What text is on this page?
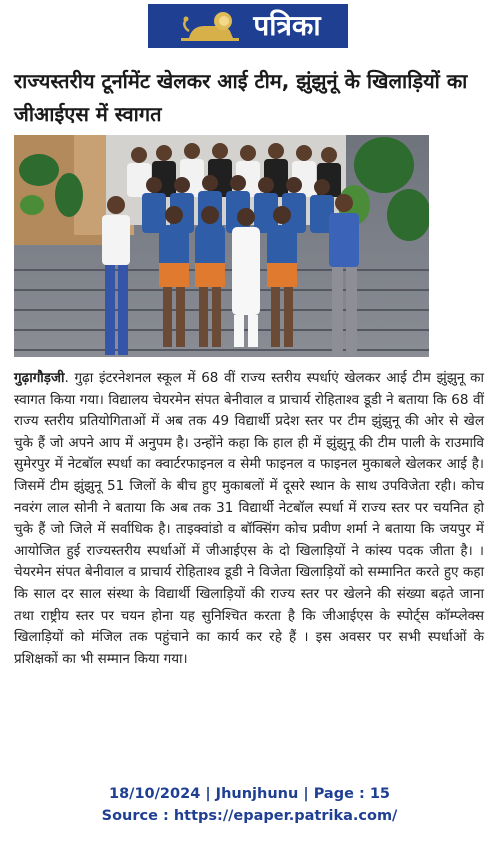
पत्रिका
राज्यस्तरीय टूर्नामेंट खेलकर आई टीम, झुंझुनूं के खिलाड़ियों का जीआईएस में स्वागत

गुढ़ागौड़जी. गुढ़ा इंटरनेशनल स्कूल में 68 वीं राज्य स्तरीय स्पर्धाएं खेलकर आई टीम झुंझुनू का स्वागत किया गया। विद्यालय चेयरमेन संपत बेनीवाल व प्राचार्य रोहिताश्व डूडी ने बताया कि 68 वीं राज्य स्तरीय प्रतियोगिताओं में अब तक 49 विद्यार्थी प्रदेश स्तर पर टीम झुंझुनू की ओर से खेल चुके हैं जो अपने आप में अनुपम है। उन्होंने कहा कि हाल ही में झुंझुनू की टीम पाली के राउमावि सुमेरपुर में नेटबॉल स्पर्धा का क्वार्टरफाइनल व सेमी फाइनल व फाइनल मुकाबले खेलकर आई है। जिसमें टीम झुंझुनू 51 जिलों के बीच हुए मुकाबलों में दूसरे स्थान के साथ उपविजेता रही। कोच नवरंग लाल सोनी ने बताया कि अब तक 31 विद्यार्थी नेटबॉल स्पर्धा में राज्य स्तर पर चयनित हो चुके हैं जो जिले में सर्वाधिक है। ताइक्वांडो व बॉक्सिंग कोच प्रवीण शर्मा ने बताया कि जयपुर में आयोजित हुई राज्यस्तरीय स्पर्धाओं में जीआईएस के दो खिलाड़ियों ने कांस्य पदक जीता है। । चेयरमेन संपत बेनीवाल व प्राचार्य रोहिताश्व डूडी ने विजेता खिलाड़ियों को सम्मानित करते हुए कहा कि साल दर साल संस्था के विद्यार्थी खिलाड़ियों की राज्य स्तर पर खेलने की संख्या बढ़ते जाना तथा राष्ट्रीय स्तर पर चयन होना यह सुनिश्चित करता है कि जीआईएस के स्पोर्ट्स कॉम्प्लेक्स खिलाड़ियों को मंजिल तक पहुंचाने का कार्य कर रहे हैं । इस अवसर पर सभी स्पर्धाओं के प्रशिक्षकों का भी सम्मान किया गया।

18/10/2024 | Jhunjhunu | Page : 15
Source : https://epaper.patrika.com/
